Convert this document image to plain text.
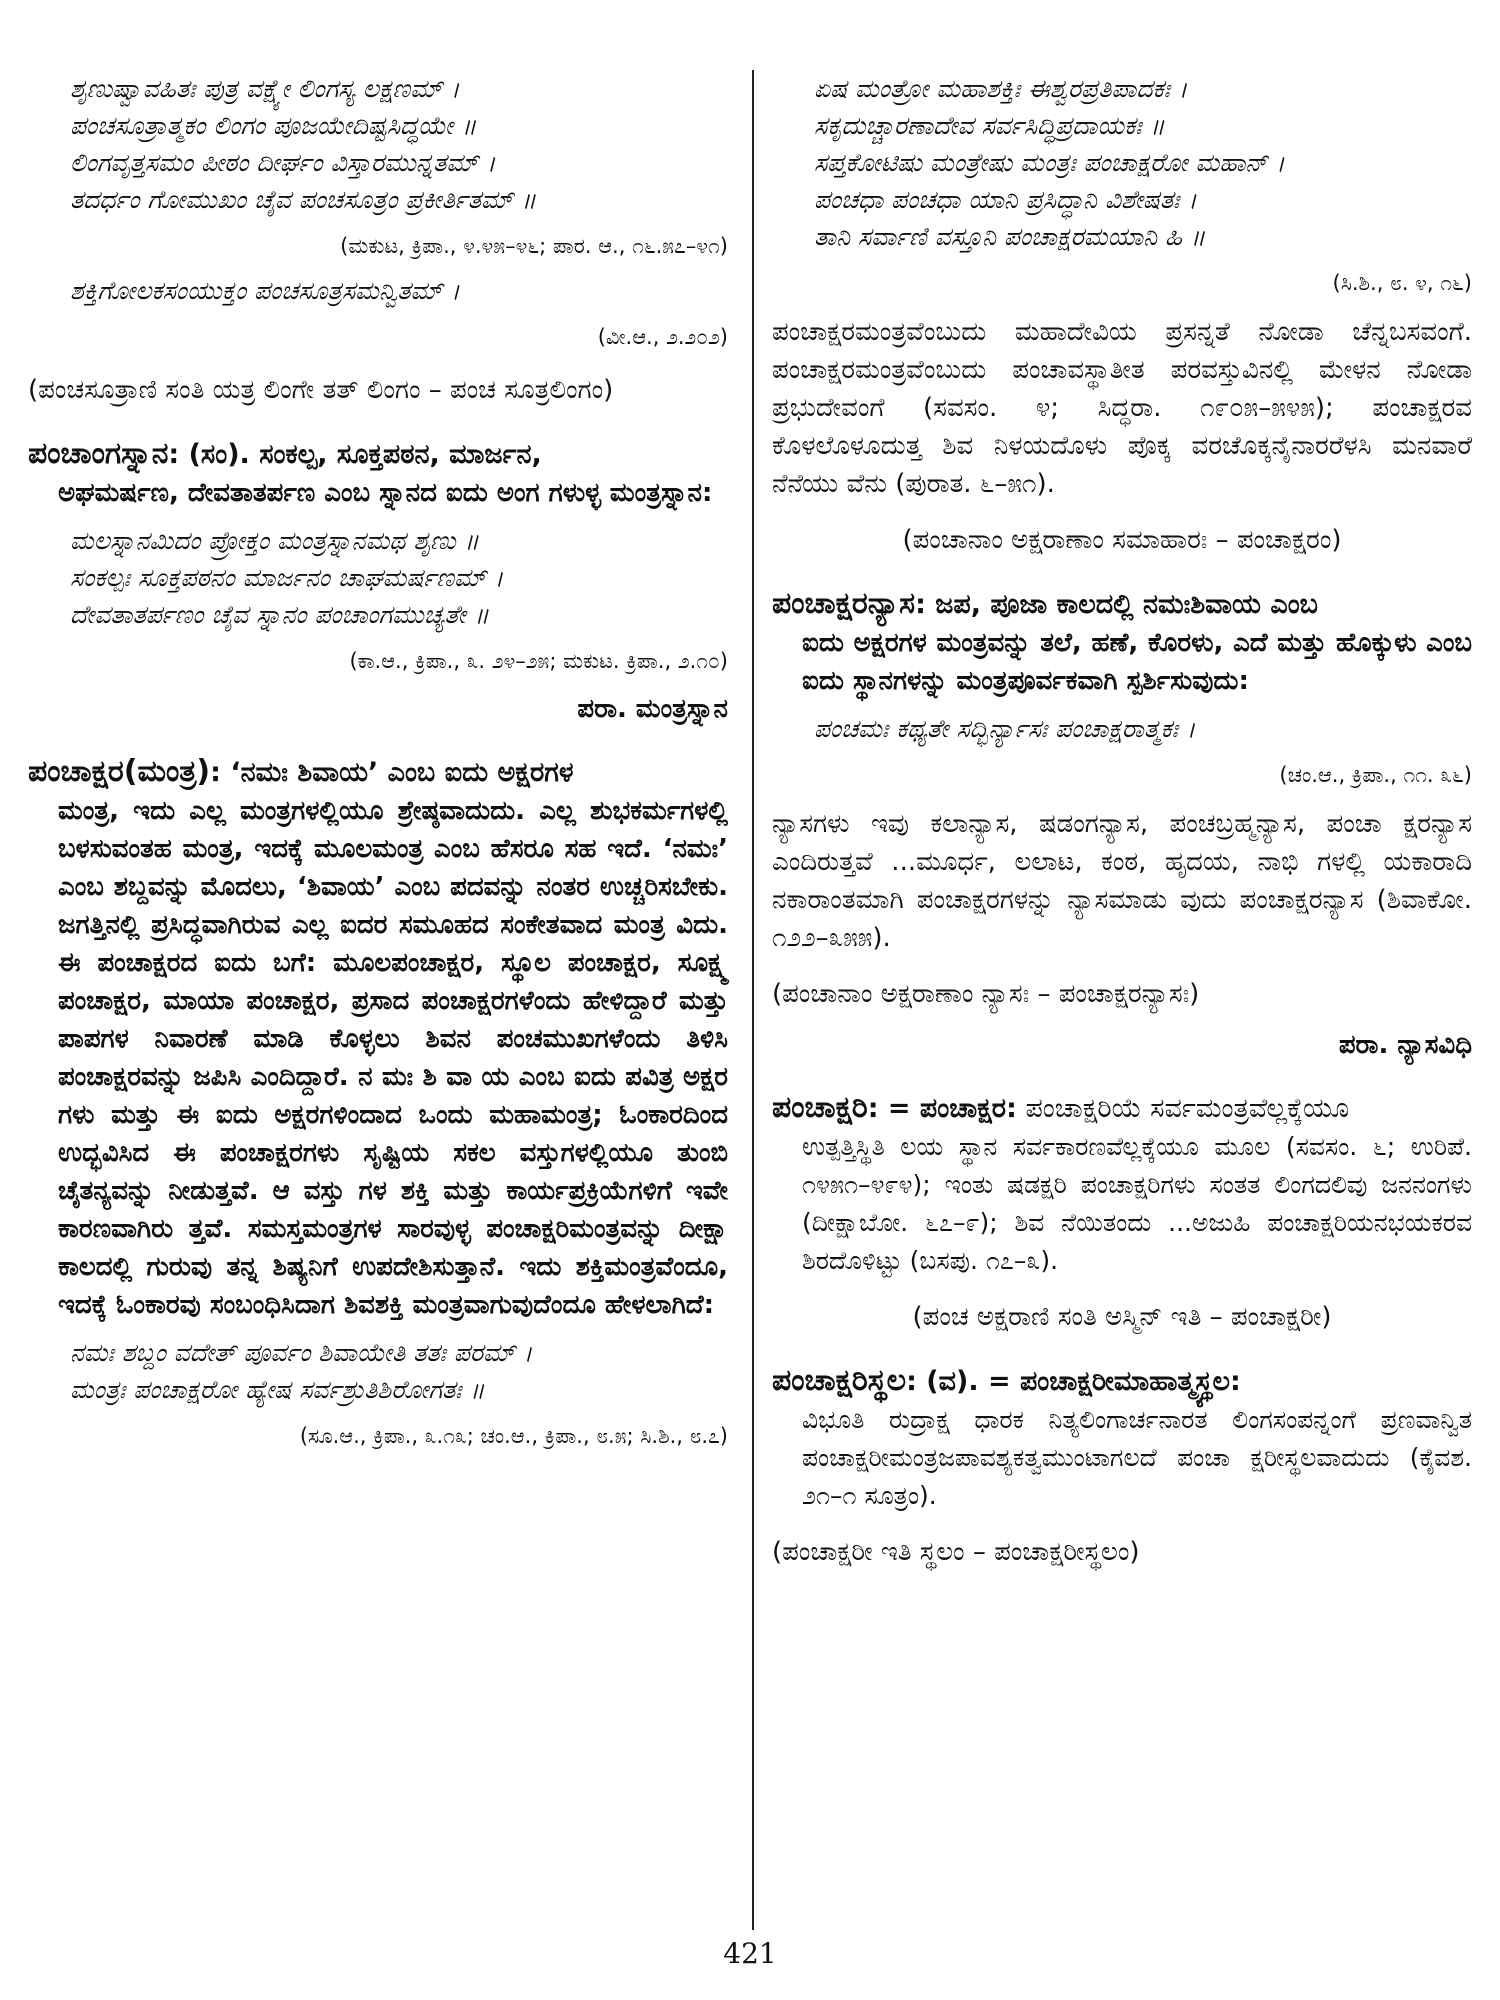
ಶೃಣುಷ್ವಾವಹಿತಃ ಪುತ್ರ ವಕ್ಷ್ಯೇ ಲಿಂಗಸ್ಯ ಲಕ್ಷಣಮ್ ।
ಪಂಚಸೂತ್ರಾತ್ಮಕಂ ಲಿಂಗಂ ಪೂಜಯೇದಿಷ್ಟಸಿದ್ಧಯೇ ॥
ಲಿಂಗವೃತ್ತಸಮಂ ಪೀಠಂ ದೀರ್ಘಂ ವಿಸ್ತಾರಮುನ್ನತಮ್ ।
ತದರ್ಧಂ ಗೋಮುಖಂ ಚೈವ ಪಂಚಸೂತ್ರಂ ಪ್ರಕೀರ್ತಿತಮ್ ॥
(ಮಕುಟ, ಕ್ರಿಪಾ., ೪.೪೫–೪೬; ಪಾರ. ಆ., ೧೬.೫೭–೪೧)
ಶಕ್ತಿಗೋಲಕಸಂಯುಕ್ತಂ ಪಂಚಸೂತ್ರಸಮನ್ವಿತಮ್ ।
(ವೀ.ಆ., ೨.೨೦೨)
(ಪಂಚಸೂತ್ರಾಣಿ ಸಂತಿ ಯತ್ರ ಲಿಂಗೇ ತತ್ ಲಿಂಗಂ – ಪಂಚ ಸೂತ್ರಲಿಂಗಂ)
ಪಂಚಾಂಗಸ್ನಾನ: (ಸಂ). ಸಂಕಲ್ಪ, ಸೂಕ್ತಪಠನ, ಮಾರ್ಜನ,
ಅಘಮರ್ಷಣ, ದೇವತಾತರ್ಪಣ ಎಂಬ ಸ್ನಾನದ ಐದು ಅಂಗ ಗಳುಳ್ಳ ಮಂತ್ರಸ್ನಾನ:
ಮಲಸ್ನಾನಮಿದಂ ಪ್ರೋಕ್ತಂ ಮಂತ್ರಸ್ನಾನಮಥ ಶೃಣು ॥
ಸಂಕಲ್ಪಃ ಸೂಕ್ತಪಠನಂ ಮಾರ್ಜನಂ ಚಾಘಮರ್ಷಣಮ್ ।
ದೇವತಾತರ್ಪಣಂ ಚೈವ ಸ್ನಾನಂ ಪಂಚಾಂಗಮುಚ್ಯತೇ ॥
(ಕಾ.ಆ., ಕ್ರಿಪಾ., ೩. ೨೪–೨೫; ಮಕುಟ. ಕ್ರಿಪಾ., ೨.೧೦)
ಪರಾ. ಮಂತ್ರಸ್ನಾನ
ಪಂಚಾಕ್ಷರ(ಮಂತ್ರ): ‘ನಮಃ ಶಿವಾಯ’ ಎಂಬ ಐದು ಅಕ್ಷರಗಳ
ಮಂತ್ರ, ಇದು ಎಲ್ಲ ಮಂತ್ರಗಳಲ್ಲಿಯೂ ಶ್ರೇಷ್ಠವಾದುದು. ಎಲ್ಲ ಶುಭಕರ್ಮಗಳಲ್ಲಿ ಬಳಸುವಂತಹ ಮಂತ್ರ, ಇದಕ್ಕೆ ಮೂಲಮಂತ್ರ ಎಂಬ ಹೆಸರೂ ಸಹ ಇದೆ. ‘ನಮಃ’ ಎಂಬ ಶಬ್ದವನ್ನು ಮೊದಲು, ‘ಶಿವಾಯ’ ಎಂಬ ಪದವನ್ನು ನಂತರ ಉಚ್ಚರಿಸಬೇಕು. ಜಗತ್ತಿನಲ್ಲಿ ಪ್ರಸಿದ್ಧವಾಗಿರುವ ಎಲ್ಲ ಐದರ ಸಮೂಹದ ಸಂಕೇತವಾದ ಮಂತ್ರ ವಿದು. ಈ ಪಂಚಾಕ್ಷರದ ಐದು ಬಗೆ: ಮೂಲಪಂಚಾಕ್ಷರ, ಸ್ಥೂಲ ಪಂಚಾಕ್ಷರ, ಸೂಕ್ಷ್ಮ ಪಂಚಾಕ್ಷರ, ಮಾಯಾ ಪಂಚಾಕ್ಷರ, ಪ್ರಸಾದ ಪಂಚಾಕ್ಷರಗಳೆಂದು ಹೇಳಿದ್ದಾರೆ ಮತ್ತು ಪಾಪಗಳ ನಿವಾರಣೆ ಮಾಡಿ ಕೊಳ್ಳಲು ಶಿವನ ಪಂಚಮುಖಗಳೆಂದು ತಿಳಿಸಿ ಪಂಚಾಕ್ಷರವನ್ನು ಜಪಿಸಿ ಎಂದಿದ್ದಾರೆ. ನ ಮಃ ಶಿ ವಾ ಯ ಎಂಬ ಐದು ಪವಿತ್ರ ಅಕ್ಷರ ಗಳು ಮತ್ತು ಈ ಐದು ಅಕ್ಷರಗಳಿಂದಾದ ಒಂದು ಮಹಾಮಂತ್ರ; ಓಂಕಾರದಿಂದ ಉದ್ಭವಿಸಿದ ಈ ಪಂಚಾಕ್ಷರಗಳು ಸೃಷ್ಟಿಯ ಸಕಲ ವಸ್ತುಗಳಲ್ಲಿಯೂ ತುಂಬಿ ಚೈತನ್ಯವನ್ನು ನೀಡುತ್ತವೆ. ಆ ವಸ್ತು ಗಳ ಶಕ್ತಿ ಮತ್ತು ಕಾರ್ಯಪ್ರಕ್ರಿಯೆಗಳಿಗೆ ಇವೇ ಕಾರಣವಾಗಿರು ತ್ತವೆ. ಸಮಸ್ತಮಂತ್ರಗಳ ಸಾರವುಳ್ಳ ಪಂಚಾಕ್ಷರಿಮಂತ್ರವನ್ನು ದೀಕ್ಷಾ ಕಾಲದಲ್ಲಿ ಗುರುವು ತನ್ನ ಶಿಷ್ಯನಿಗೆ ಉಪದೇಶಿಸುತ್ತಾನೆ. ಇದು ಶಕ್ತಿಮಂತ್ರವೆಂದೂ, ಇದಕ್ಕೆ ಓಂಕಾರವು ಸಂಬಂಧಿಸಿದಾಗ ಶಿವಶಕ್ತಿ ಮಂತ್ರವಾಗುವುದೆಂದೂ ಹೇಳಲಾಗಿದೆ:
ನಮಃ ಶಬ್ದಂ ವದೇತ್ ಪೂರ್ವಂ ಶಿವಾಯೇತಿ ತತಃ ಪರಮ್ ।
ಮಂತ್ರಃ ಪಂಚಾಕ್ಷರೋ ಹ್ಯೇಷ ಸರ್ವಶ್ರುತಿಶಿರೋಗತಃ ॥
(ಸೂ.ಆ., ಕ್ರಿಪಾ., ೩.೧೩; ಚಂ.ಆ., ಕ್ರಿಪಾ., ೮.೫; ಸಿ.ಶಿ., ೮.೭)
ಏಷ ಮಂತ್ರೋ ಮಹಾಶಕ್ತಿಃ ಈಶ್ವರಪ್ರತಿಪಾದಕಃ ।
ಸಕೃದುಚ್ಚಾರಣಾದೇವ ಸರ್ವಸಿದ್ಧಿಪ್ರದಾಯಕಃ ॥
ಸಪ್ತಕೋಟಿಷು ಮಂತ್ರೇಷು ಮಂತ್ರಃ ಪಂಚಾಕ್ಷರೋ ಮಹಾನ್ ।
ಪಂಚಧಾ ಪಂಚಧಾ ಯಾನಿ ಪ್ರಸಿದ್ಧಾನಿ ವಿಶೇಷತಃ ।
ತಾನಿ ಸರ್ವಾಣಿ ವಸ್ತೂನಿ ಪಂಚಾಕ್ಷರಮಯಾನಿ ಹಿ ॥
(ಸಿ.ಶಿ., ೮. ೪, ೧೬)
ಪಂಚಾಕ್ಷರಮಂತ್ರವೆಂಬುದು ಮಹಾದೇವಿಯ ಪ್ರಸನ್ನತೆ ನೋಡಾ ಚೆನ್ನಬಸವಂಗೆ. ಪಂಚಾಕ್ಷರಮಂತ್ರವೆಂಬುದು ಪಂಚಾವಸ್ಥಾತೀತ ಪರವಸ್ತುವಿನಲ್ಲಿ ಮೇಳನ ನೋಡಾ ಪ್ರಭುದೇವಂಗೆ (ಸವಸಂ. ೪; ಸಿದ್ಧರಾ. ೧೯೦೫–೫೪೫); ಪಂಚಾಕ್ಷರವ ಕೊಳಲೊಳೂದುತ್ತ ಶಿವ ನಿಳಯದೊಳು ಪೊಕ್ಕ ವರಚೊಕ್ಕನೈನಾರರೆಳಸಿ ಮನವಾರೆ ನೆನೆಯು ವೆನು (ಪುರಾತ. ೬–೫೧).
(ಪಂಚಾನಾಂ ಅಕ್ಷರಾಣಾಂ ಸಮಾಹಾರಃ – ಪಂಚಾಕ್ಷರಂ)
ಪಂಚಾಕ್ಷರನ್ಯಾಸ: ಜಪ, ಪೂಜಾ ಕಾಲದಲ್ಲಿ ನಮಃಶಿವಾಯ ಎಂಬ
ಐದು ಅಕ್ಷರಗಳ ಮಂತ್ರವನ್ನು ತಲೆ, ಹಣೆ, ಕೊರಳು, ಎದೆ ಮತ್ತು ಹೊಕ್ಕುಳು ಎಂಬ ಐದು ಸ್ಥಾನಗಳನ್ನು ಮಂತ್ರಪೂರ್ವಕವಾಗಿ ಸ್ಪರ್ಶಿಸುವುದು:
ಪಂಚಮಃ ಕಥ್ಯತೇ ಸದ್ಭಿರ್ನ್ಯಾಸಃ ಪಂಚಾಕ್ಷರಾತ್ಮಕಃ ।
(ಚಂ.ಆ., ಕ್ರಿಪಾ., ೧೧. ೩೬)
ನ್ಯಾಸಗಳು ಇವು ಕಲಾನ್ಯಾಸ, ಷಡಂಗನ್ಯಾಸ, ಪಂಚಬ್ರಹ್ಮನ್ಯಾಸ, ಪಂಚಾ ಕ್ಷರನ್ಯಾಸ ಎಂದಿರುತ್ತವೆ ...ಮೂರ್ಧ, ಲಲಾಟ, ಕಂಠ, ಹೃದಯ, ನಾಭಿ ಗಳಲ್ಲಿ ಯಕಾರಾದಿ ನಕಾರಾಂತಮಾಗಿ ಪಂಚಾಕ್ಷರಗಳನ್ನು ನ್ಯಾಸಮಾಡು ವುದು ಪಂಚಾಕ್ಷರನ್ಯಾಸ (ಶಿವಾಕೋ. ೧೨೨–೩೫೫).
(ಪಂಚಾನಾಂ ಅಕ್ಷರಾಣಾಂ ನ್ಯಾಸಃ – ಪಂಚಾಕ್ಷರನ್ಯಾಸಃ)
ಪರಾ. ನ್ಯಾಸವಿಧಿ
ಪಂಚಾಕ್ಷರಿ: = ಪಂಚಾಕ್ಷರ: ಪಂಚಾಕ್ಷರಿಯೆ ಸರ್ವಮಂತ್ರವೆಲ್ಲಕ್ಕೆಯೂ
ಉತ್ಪತ್ತಿಸ್ಥಿತಿ ಲಯ ಸ್ಥಾನ ಸರ್ವಕಾರಣವೆಲ್ಲಕ್ಕೆಯೂ ಮೂಲ (ಸವಸಂ. ೬; ಉರಿಪೆ. ೧೪೫೧–೪೯೪); ಇಂತು ಷಡಕ್ಷರಿ ಪಂಚಾಕ್ಷರಿಗಳು ಸಂತತ ಲಿಂಗದಲಿವು ಜನನಂಗಳು (ದೀಕ್ಷಾಬೋ. ೬೭–೯); ಶಿವ ನೆಯಿತಂದು ...ಅಜುಹಿ ಪಂಚಾಕ್ಷರಿಯನಭಯಕರವ ಶಿರದೊಳಿಟ್ಟು (ಬಸಪು. ೧೭–೩).
(ಪಂಚ ಅಕ್ಷರಾಣಿ ಸಂತಿ ಅಸ್ಮಿನ್ ಇತಿ – ಪಂಚಾಕ್ಷರೀ)
ಪಂಚಾಕ್ಷರಿಸ್ಥಲ: (ವ). = ಪಂಚಾಕ್ಷರೀಮಾಹಾತ್ಮ್ಯಸ್ಥಲ:
ವಿಭೂತಿ ರುದ್ರಾಕ್ಷ ಧಾರಕ ನಿತ್ಯಲಿಂಗಾರ್ಚನಾರತ ಲಿಂಗಸಂಪನ್ನಂಗೆ ಪ್ರಣವಾನ್ವಿತ ಪಂಚಾಕ್ಷರೀಮಂತ್ರಜಪಾವಶ್ಯಕತ್ವಮುಂಟಾಗಲದೆ ಪಂಚಾ ಕ್ಷರೀಸ್ಥಲವಾದುದು (ಕೈವಶ. ೨೧–೧ ಸೂತ್ರಂ).
(ಪಂಚಾಕ್ಷರೀ ಇತಿ ಸ್ಥಲಂ – ಪಂಚಾಕ್ಷರೀಸ್ಥಲಂ)
421
